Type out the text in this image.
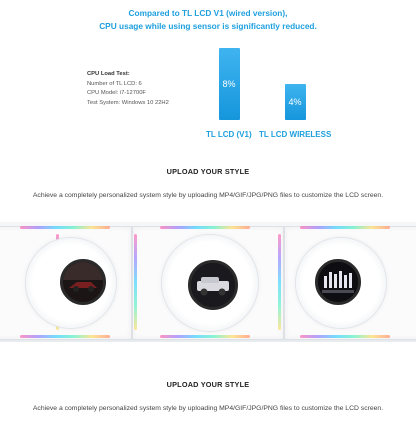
Compared to TL LCD V1 (wired version),
CPU usage while using sensor is significantly reduced.
CPU Load Test:
Number of TL LCD: 6
CPU Model: i7-12700F
Test System: Windows 10 22H2
8%
TL LCD (V1)
4%
TL LCD WIRELESS
UPLOAD YOUR STYLE
Achieve a completely personalized system style by uploading MP4/GIF/JPG/PNG files to customize the LCD screen.
UPLOAD YOUR STYLE
Achieve a completely personalized system style by uploading MP4/GIF/JPG/PNG files to customize the LCD screen.
